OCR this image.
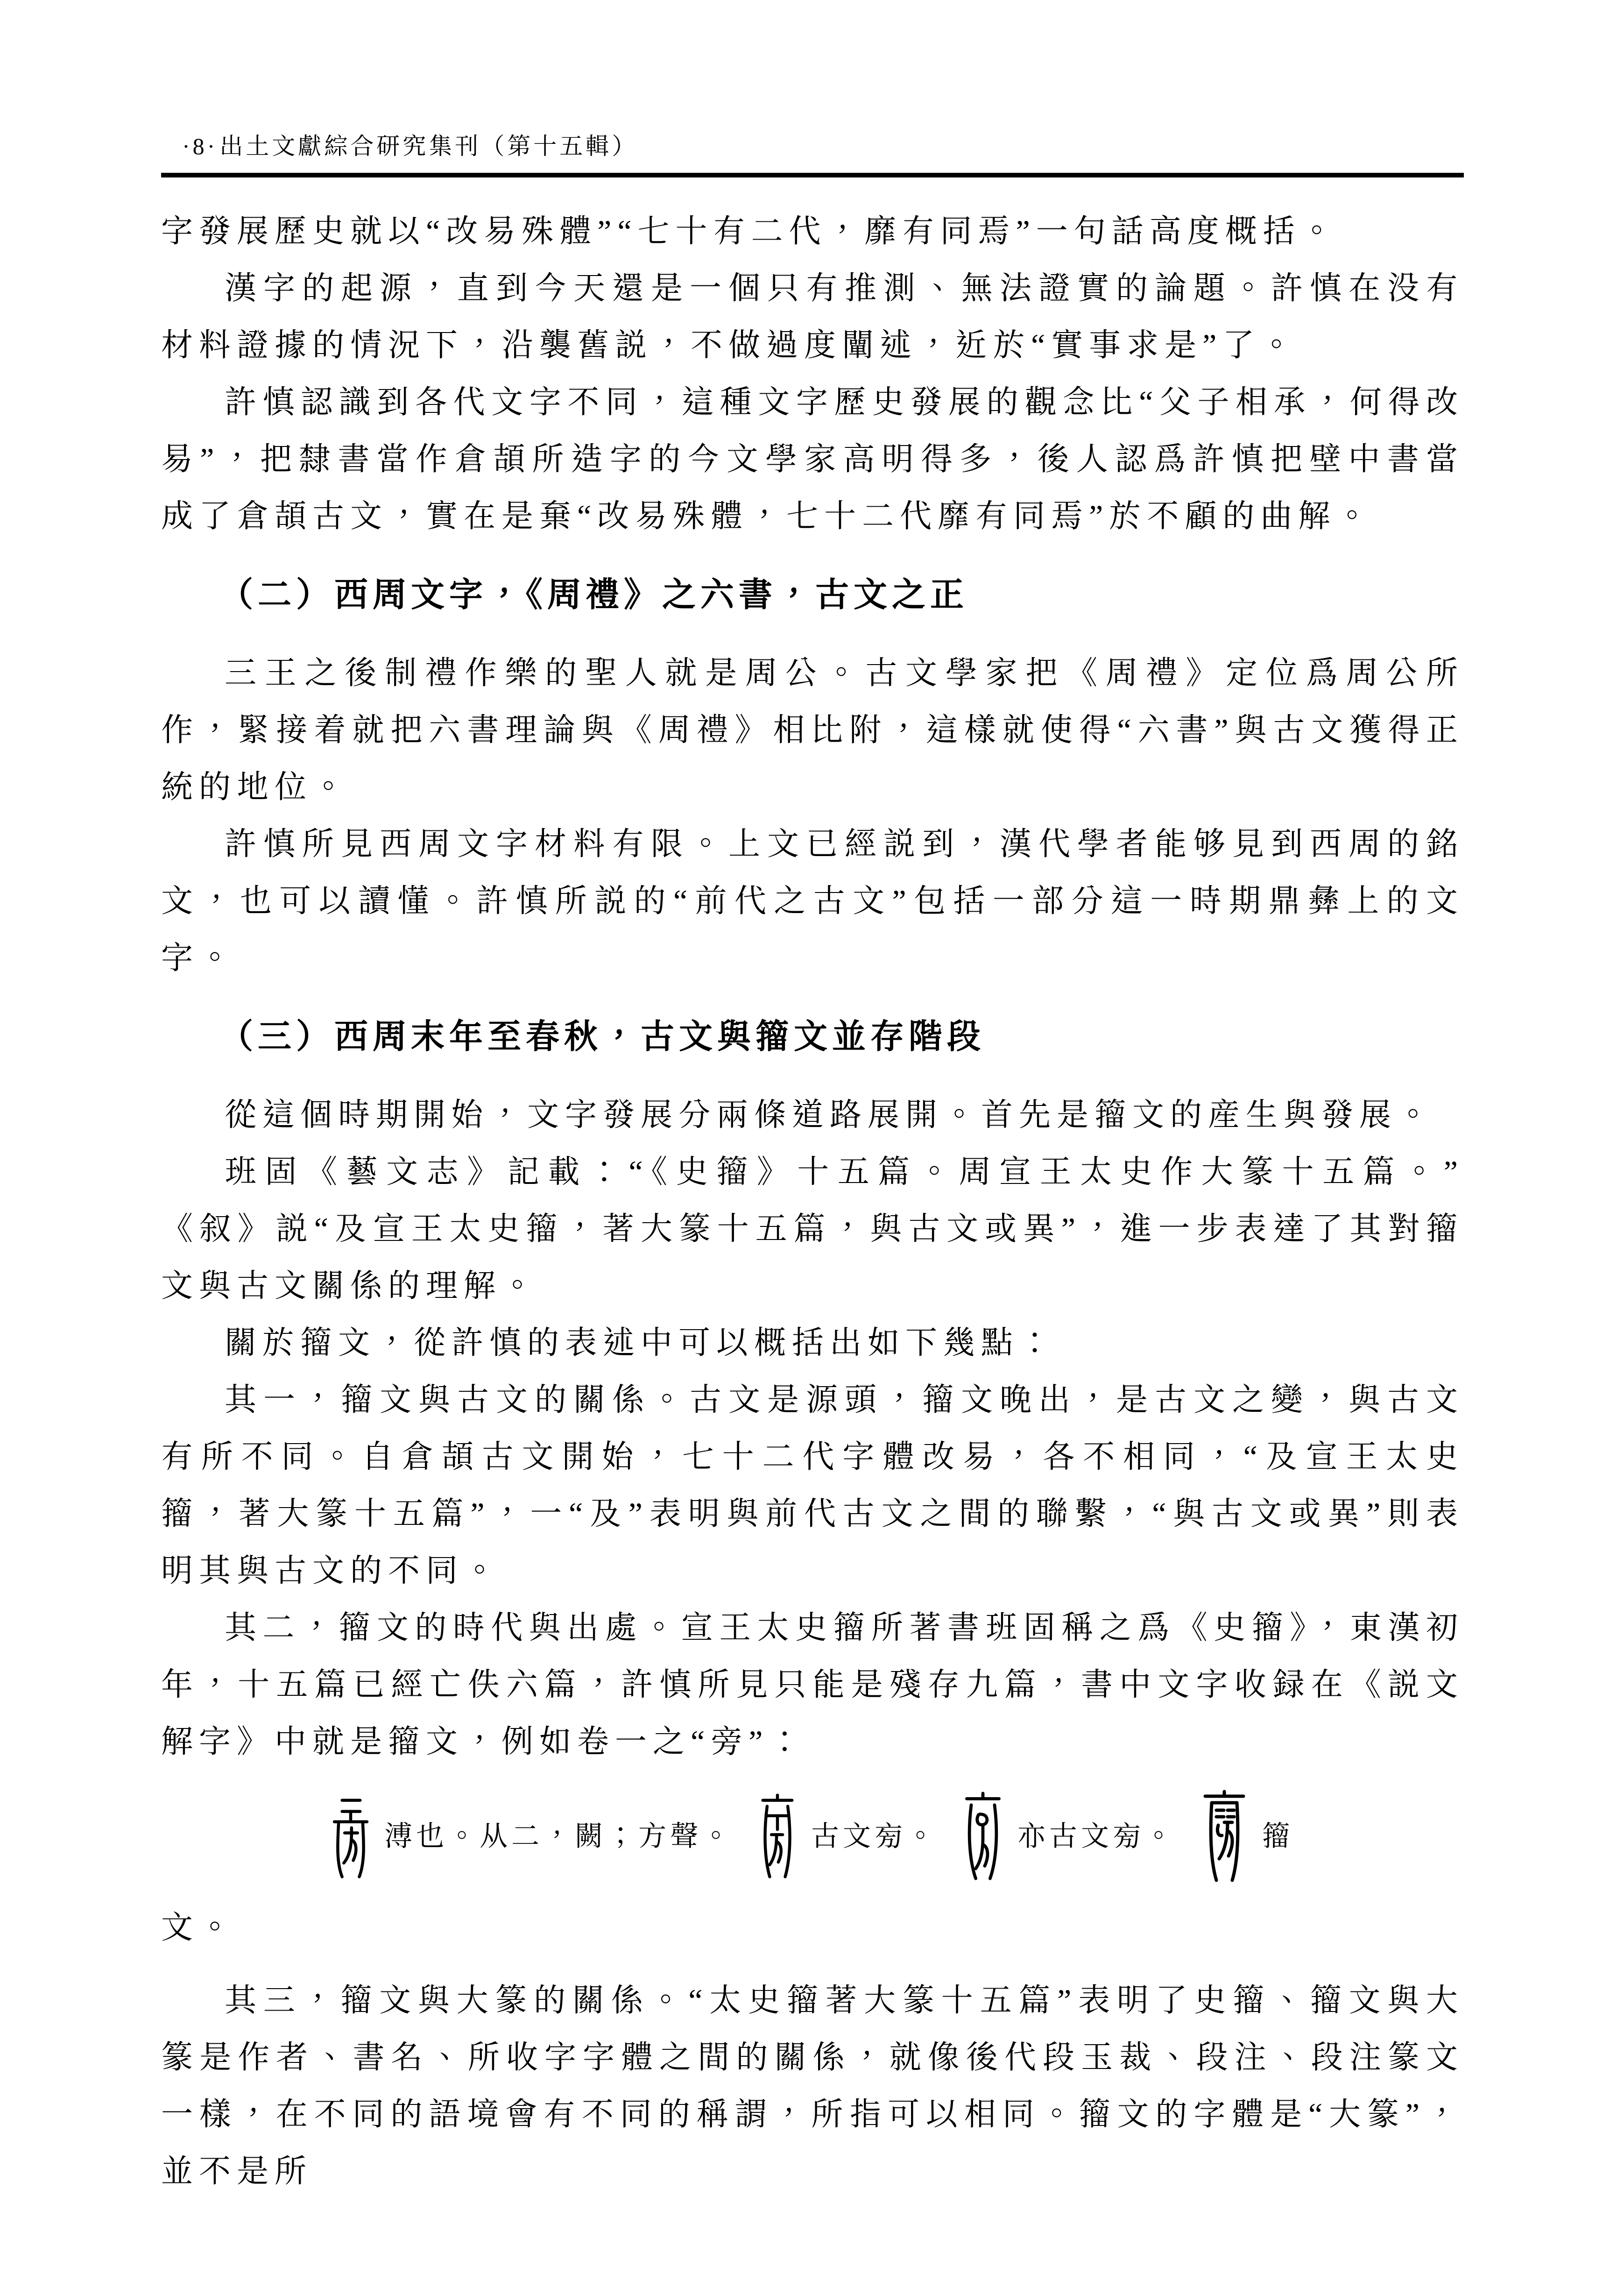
·8·出土文獻綜合研究集刊（第十五輯）

字發展歷史就以“改易殊體”“七十有二代，靡有同焉”一句話高度概括。

漢字的起源，直到今天還是一個只有推測、無法證實的論題。許慎在没有材料證據的情況下，沿襲舊説，不做過度闡述，近於“實事求是”了。

許慎認識到各代文字不同，這種文字歷史發展的觀念比“父子相承，何得改易”，把隸書當作倉頡所造字的今文學家高明得多，後人認爲許慎把壁中書當成了倉頡古文，實在是棄“改易殊體，七十二代靡有同焉”於不顧的曲解。

（二）西周文字，《周禮》之六書，古文之正

三王之後制禮作樂的聖人就是周公。古文學家把《周禮》定位爲周公所作，緊接着就把六書理論與《周禮》相比附，這樣就使得“六書”與古文獲得正統的地位。

許慎所見西周文字材料有限。上文已經説到，漢代學者能够見到西周的銘文，也可以讀懂。許慎所説的“前代之古文”包括一部分這一時期鼎彝上的文字。

（三）西周末年至春秋，古文與籀文並存階段

從這個時期開始，文字發展分兩條道路展開。首先是籀文的産生與發展。

班固《藝文志》記載：“《史籀》十五篇。周宣王太史作大篆十五篇。”《叙》説“及宣王太史籀，著大篆十五篇，與古文或異”，進一步表達了其對籀文與古文關係的理解。

關於籀文，從許慎的表述中可以概括出如下幾點：

其一，籀文與古文的關係。古文是源頭，籀文晚出，是古文之變，與古文有所不同。自倉頡古文開始，七十二代字體改易，各不相同，“及宣王太史籀，著大篆十五篇”，一“及”表明與前代古文之間的聯繫，“與古文或異”則表明其與古文的不同。

其二，籀文的時代與出處。宣王太史籀所著書班固稱之爲《史籀》，東漢初年，十五篇已經亡佚六篇，許慎所見只能是殘存九篇，書中文字收録在《説文解字》中就是籀文，例如卷一之“旁”：

溥也。从二，闕；方聲。	古文㫄。	亦古文㫄。	籀

文。

其三，籀文與大篆的關係。“太史籀著大篆十五篇”表明了史籀、籀文與大篆是作者、書名、所收字字體之間的關係，就像後代段玉裁、段注、段注篆文一樣，在不同的語境會有不同的稱謂，所指可以相同。籀文的字體是“大篆”，並不是所
